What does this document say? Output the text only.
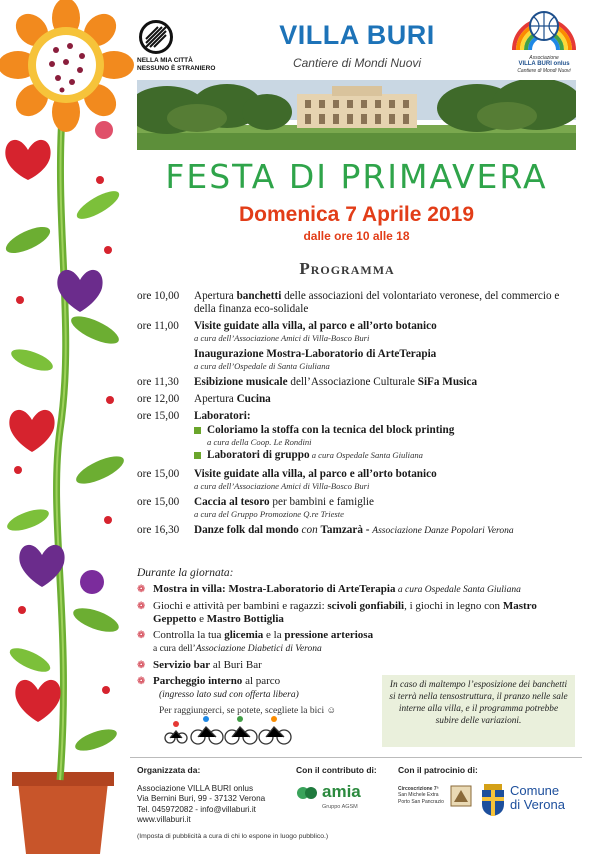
NELLA MIA CITTÀ
NESSUNO È STRANIERO
VILLA BURI
Cantiere di Mondi Nuovi	Associazione
VILLA BURI onlus
Cantiere di Mondi Nuovi
FESTA DI PRIMAVERA
Domenica 7 Aprile 2019
dalle ore 10 alle 18
Programma
ore 10,00	Apertura banchetti delle associazioni del volontariato veronese, del commercio e della finanza eco-solidale
ore 11,00	Visite guidate alla villa, al parco e all’orto botanico
a cura dell’Associazione Amici di Villa-Bosco Buri
Inaugurazione Mostra-Laboratorio di ArteTerapia
a cura dell’Ospedale di Santa Giuliana
ore 11,30	Esibizione musicale dell’Associazione Culturale SiFa Musica
ore 12,00	Apertura Cucina
ore 15,00	Laboratori:
Coloriamo la stoffa con la tecnica del block printing
a cura della Coop. Le Rondini
Laboratori di gruppo a cura Ospedale Santa Giuliana
ore 15,00	Visite guidate alla villa, al parco e all’orto botanico
a cura dell’Associazione Amici di Villa-Bosco Buri
ore 15,00	Caccia al tesoro per bambini e famiglie
a cura del Gruppo Promozione Q.re Trieste
ore 16,30	Danze folk dal mondo con Tamzarà - Associazione Danze Popolari Verona
Durante la giornata:
❁ Mostra in villa: Mostra-Laboratorio di ArteTerapia a cura Ospedale Santa Giuliana
❁ Giochi e attività per bambini e ragazzi: scivoli gonfiabili, i giochi in legno con Mastro Geppetto e Mastro Bottiglia
❁ Controlla la tua glicemia e la pressione arteriosa
a cura dell’Associazione Diabetici di Verona
❁ Servizio bar al Buri Bar
❁ Parcheggio interno al parco
(ingresso lato sud con offerta libera)
Per raggiungerci, se potete, scegliete la bici ☺
In caso di maltempo l’esposizione dei banchetti si terrà nella tensostruttura, il pranzo nelle sale interne alla villa, e il programma potrebbe subire delle variazioni.
Organizzata da:
Associazione VILLA BURI onlus
Via Bernini Buri, 99 - 37132 Verona
Tel. 045972082 - info@villaburi.it
www.villaburi.it
Con il contributo di:
amia
Gruppo AGSM
Con il patrocinio di:
Circoscrizione 7ª
San Michele Extra
Porto San Pancrazio
Comune
di Verona
(Imposta di pubblicità a cura di chi lo espone in luogo pubblico.)
